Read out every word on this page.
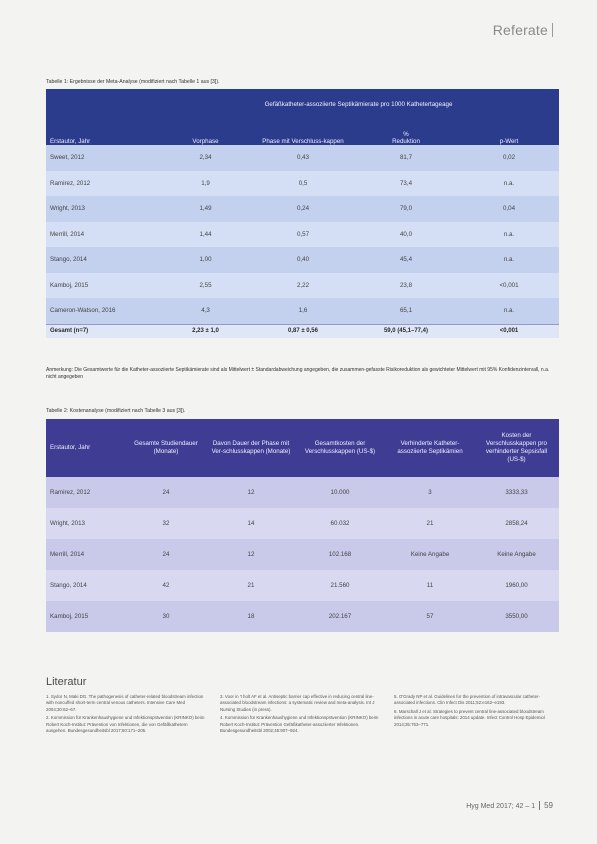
Referate
Tabelle 1: Ergebnisse der Meta-Analyse (modifiziert nach Tabelle 1 aus [3]).
	Gefäßkatheter-assoziierte Septikämierate pro 1000 Kathetertageage			
Erstautor, Jahr	Vorphase	Phase mit Verschluss-kappen	%
Reduktion	p-Wert
Sweet, 2012	2,34	0,43	81,7	0,02
Ramirez, 2012	1,9	0,5	73,4	n.a.
Wright, 2013	1,49	0,24	79,0	0,04
Merrill, 2014	1,44	0,57	40,0	n.a.
Stango, 2014	1,00	0,40	45,4	n.a.
Kamboj, 2015	2,55	2,22	23,8	<0,001
Cameron-Watson, 2016	4,3	1,6	65,1	n.a.
Gesamt (n=7)	2,23 ± 1,0	0,87 ± 0,56	59,0 (45,1–77,4)	<0,001
Anmerkung: Die Gesamtwerte für die Katheter-assoziierte Septikämierate sind als Mittelwert ± Standardabweichung angegeben, die zusammen-gefasste Risikoreduktion als gewichteter Mittelwert mit 95% Konfidenzintervall, n.a. nicht angegeben
Tabelle 2: Kostenanalyse (modifiziert nach Tabelle 3 aus [3]).
Erstautor, Jahr	Gesamte Studiendauer (Monate)	Davon Dauer der Phase mit Ver-schlusskappen (Monate)	Gesamtkosten der Verschlusskappen (US-$)	Verhinderte Katheter-assoziierte Septikämien	Kosten der Verschlusskappen pro verhinderter Sepsisfall (US-$)
Ramirez, 2012	24	12	10.000	3	3333,33
Wright, 2013	32	14	60.032	21	2858,24
Merrill, 2014	24	12	102.168	Keine Angabe	Keine Angabe
Stango, 2014	42	21	21.560	11	1960,00
Kamboj, 2015	30	18	202.167	57	3550,00
Literatur
1. Sydor N, Maki DG. The pathogenesis of catheter-related bloodstream infection with noncuffed short-term central venous catheters. Intensive Care Med 2004;30:62–67.
2. Kommission für Krankenhaushygiene und Infektionsprävention (KRINKO) beim Robert Koch-Institut: Prävention von Infektionen, die von Gefäßkathetern ausgehen. Bundesgesundheitsbl 2017;60:171–206.
3. Voor in 't holt AF et al. Antiseptic barrier cap effective in reducing central line-associated bloodstream infections: a systematic review and meta-analysis. Int J Nursing Studies (in press).
4. Kommission für Krankenhaushygiene und Infektionsprävention (KRINKO) beim Robert Koch-Institut: Prävention Gefäßkatheter-assoziierter Infektionen. Bundesgesundheitsbl 2002;45:907–924.
5. O'Grady NP et al. Guidelines for the prevention of intravascular catheter-associated infections. Clin Infect Dis 2011;52:e162–e193.
6. Marschall J et al. Strategies to prevent central line-associated bloodstream infections in acute care hospitals: 2014 update. Infect Control Hosp Epidemiol 2014;35:753–771.
Hyg Med 2017; 42 – 1 59
